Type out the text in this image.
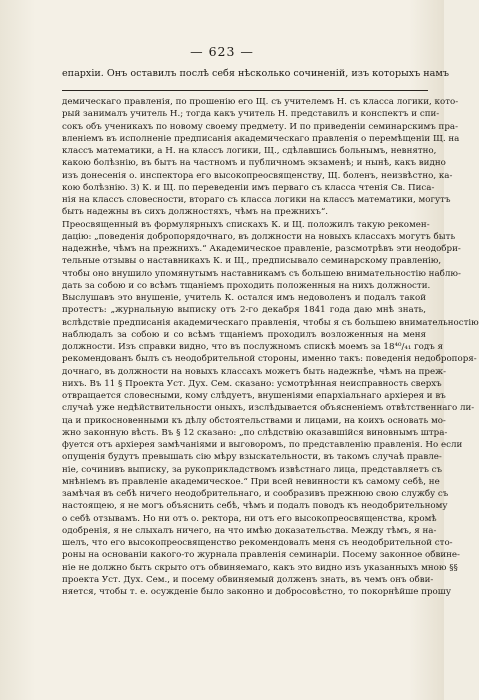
— 623 —
епархіи. Онъ оставилъ послѣ себя нѣсколько сочиненій, изъ которыхъ намъ
демическаго правленія, по прошенію его Щ. съ учителемъ Н. съ класса логики, кото-
рый занималъ учитель Н.; тогда какъ учитель Н. представилъ и конспектъ и спи-
сокъ объ ученикахъ по новому своему предмету. И по приведеніи семинарскимъ пра-
вленіемъ въ исполненіе предписанія академическаго правленія о перемѣщеніи Щ. на
классъ математики, а Н. на классъ логики, Щ., сдѣлавшись больнымъ, невнятно,
какою болѣзнію, въ бытъ на частномъ и публичномъ экзаменѣ; и нынѣ, какъ видно
изъ донесенія о. инспектора его высокопреосвященству, Щ. боленъ, неизвѣстно, ка-
кою болѣзнію. 3) К. и Щ. по переведеніи имъ перваго съ класса чтенія Св. Писа-
нія на классъ словесности, втораго съ класса логики на классъ математики, могутъ
быть надежны въ сихъ должностяхъ, чѣмъ на прежнихъ“.
Преосвященный въ формулярныхъ спискахъ К. и Щ. положилъ такую рекомен-
дацію: „поведенія добропорядочнаго, въ должности на новыхъ классахъ могутъ быть
надежнѣе, чѣмъ на прежнихъ.“ Академическое правленіе, разсмотрѣвъ эти неодобри-
тельные отзывы о наставникахъ К. и Щ., предписывало семинарскому правленію,
чтобы оно внушило упомянутымъ наставникамъ съ большею внимательностію наблю-
дать за собою и со всѣмъ тщаніемъ проходить положенныя на нихъ должности.
Выслушавъ это внушеніе, учитель К. остался имъ недоволенъ и подалъ такой
протестъ: „журнальную выписку отъ 2-го декабря 1841 года даю мнѣ знать,
вслѣдствіе предписанія академическаго правленія, чтобы я съ большею внимательностію
наблюдалъ за собою и со всѣмъ тщаніемъ проходилъ возложенныя на меня
должности. Изъ справки видно, что въ послужномъ спискѣ моемъ за 18⁴⁰/₄₁ годъ я
рекомендованъ былъ съ неодобрительной стороны, именно такъ: поведенія недобропоря-
дочнаго, въ должности на новыхъ классахъ можетъ быть надежнѣе, чѣмъ на преж-
нихъ. Въ 11 § Проекта Уст. Дух. Сем. сказано: усмотрѣнная неисправность сверхъ
отвращается словесными, кому слѣдуетъ, внушеніями епархіальнаго архіерея и въ
случаѣ уже недѣйствительности оныхъ, изслѣдывается объясненіемъ отвѣтственнаго ли-
ца и прикосновенными къ дѣлу обстоятельствами и лицами, на коихъ основать мо-
жно законную вѣсть. Въ § 12 сказано: „по слѣдствію оказавшійся виновнымъ штра-
фуется отъ архіерея замѣчаніями и выговоромъ, по представленію правленія. Но если
опущенія будутъ превышать сію мѣру взыскательности, въ такомъ случаѣ правле-
ніе, сочинивъ выписку, за рукоприкладствомъ извѣстнаго лица, представляетъ съ
мнѣніемъ въ правленіе академическое.“ При всей невинности къ самому себѣ, не
замѣчая въ себѣ ничего неодобрительнаго, и сообразивъ прежнюю свою службу съ
настоящею, я не могъ объяснить себѣ, чѣмъ и подалъ поводъ къ неодобрительному
о себѣ отзывамъ. Но ни отъ о. ректора, ни отъ его высокопреосвященства, кромѣ
одобренія, я не слыхалъ ничего, на что имѣю доказательства. Между тѣмъ, я на-
шелъ, что его высокопреосвященство рекомендовалъ меня съ неодобрительной сто-
роны на основаніи какого-то журнала правленія семинаріи. Посему законное обвине-
ніе не должно быть скрыто отъ обвиняемаго, какъ это видно изъ указанныхъ мною §§
проекта Уст. Дух. Сем., и посему обвиняемый долженъ знать, въ чемъ онъ обви-
няется, чтобы т. е. осужденіе было законно и добросовѣстно, то покорнѣйше прошу
